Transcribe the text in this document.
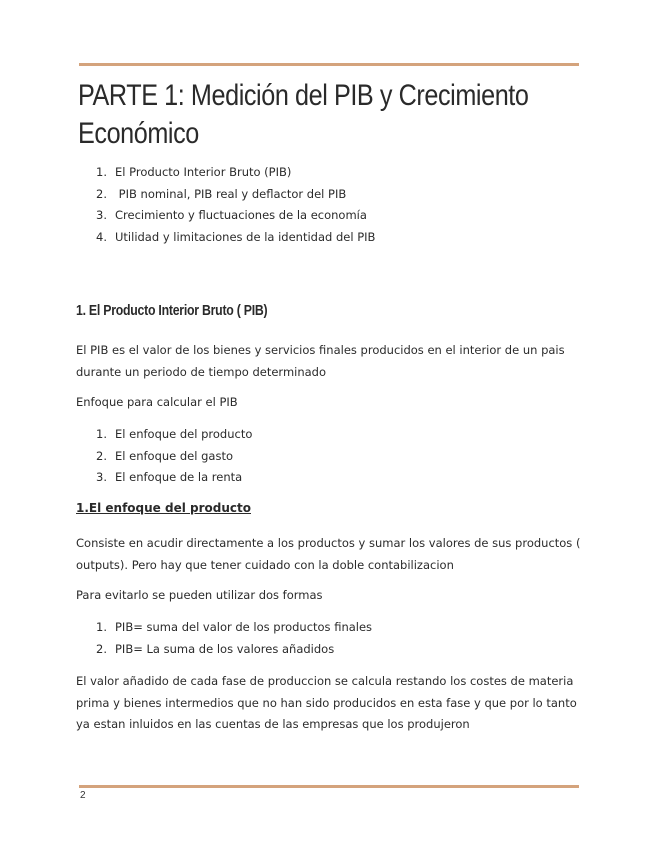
PARTE 1: Medición del PIB y Crecimiento Económico
1. El Producto Interior Bruto (PIB)
2. PIB nominal, PIB real y deflactor del PIB
3. Crecimiento y fluctuaciones de la economía
4. Utilidad y limitaciones de la identidad del PIB
1. El Producto Interior Bruto ( PIB)

El PIB es el valor de los bienes y servicios finales producidos en el interior de un pais durante un periodo de tiempo determinado

Enfoque para calcular el PIB

1. El enfoque del producto
2. El enfoque del gasto
3. El enfoque de la renta
1.El enfoque del producto

Consiste en acudir directamente a los productos y sumar los valores de sus productos ( outputs). Pero hay que tener cuidado con la doble contabilizacion

Para evitarlo se pueden utilizar dos formas

1. PIB= suma del valor de los productos finales
2. PIB= La suma de los valores añadidos

El valor añadido de cada fase de produccion se calcula restando los costes de materia prima y bienes intermedios que no han sido producidos en esta fase y que por lo tanto ya estan inluidos en las cuentas de las empresas que los produjeron

2
